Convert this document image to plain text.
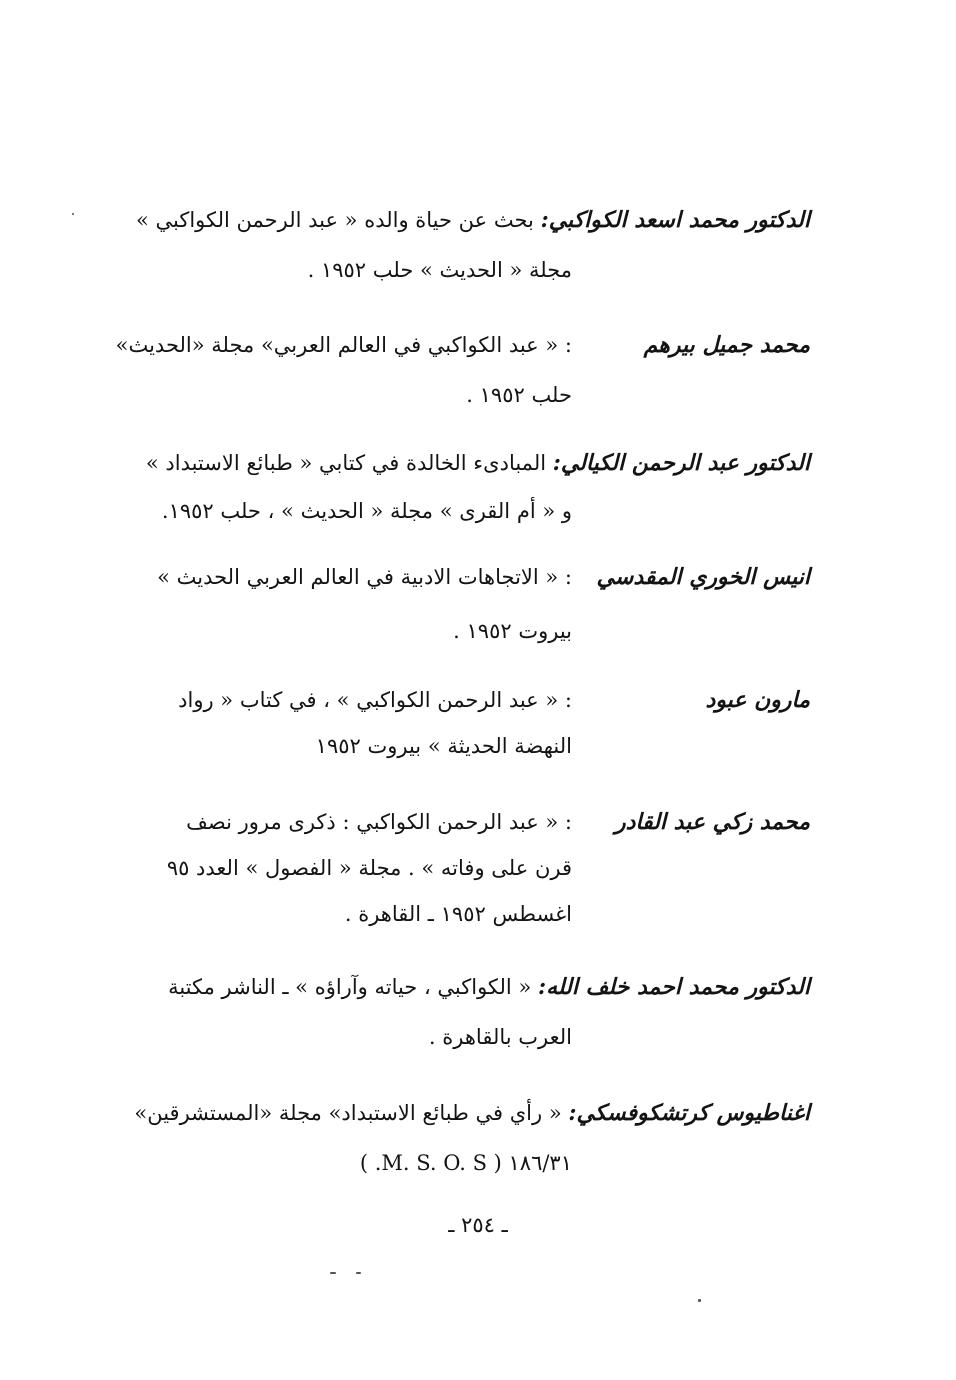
الدكتور محمد اسعد الكواكبي: بحث عن حياة والده « عبد الرحمن الكواكبي »
مجلة « الحديث » حلب ١٩٥٢ .
محمد جميل بيرهم
: « عبد الكواكبي في العالم العربي» مجلة «الحديث»
حلب ١٩٥٢ .
الدكتور عبد الرحمن الكيالي: المبادىء الخالدة في كتابي « طبائع الاستبداد »
و « أم القرى » مجلة « الحديث » ، حلب ١٩٥٢.
انيس الخوري المقدسي
: « الاتجاهات الادبية في العالم العربي الحديث »
بيروت ١٩٥٢ .
مارون عبود
: « عبد الرحمن الكواكبي » ، في كتاب « رواد
النهضة الحديثة » بيروت ١٩٥٢
محمد زكي عبد القادر
: « عبد الرحمن الكواكبي : ذكرى مرور نصف
قرن على وفاته » . مجلة « الفصول » العدد ٩٥
اغسطس ١٩٥٢ ـ القاهرة .
الدكتور محمد احمد خلف الله: « الكواكبي ، حياته وآراؤه » ـ الناشر مكتبة
العرب بالقاهرة .
اغناطيوس كرتشكوفسكي: « رأي في طبائع الاستبداد» مجلة «المستشرقين»
١٨٦/٣١ ( M. S. O. S. )
ـ ٢٥٤ ـ
